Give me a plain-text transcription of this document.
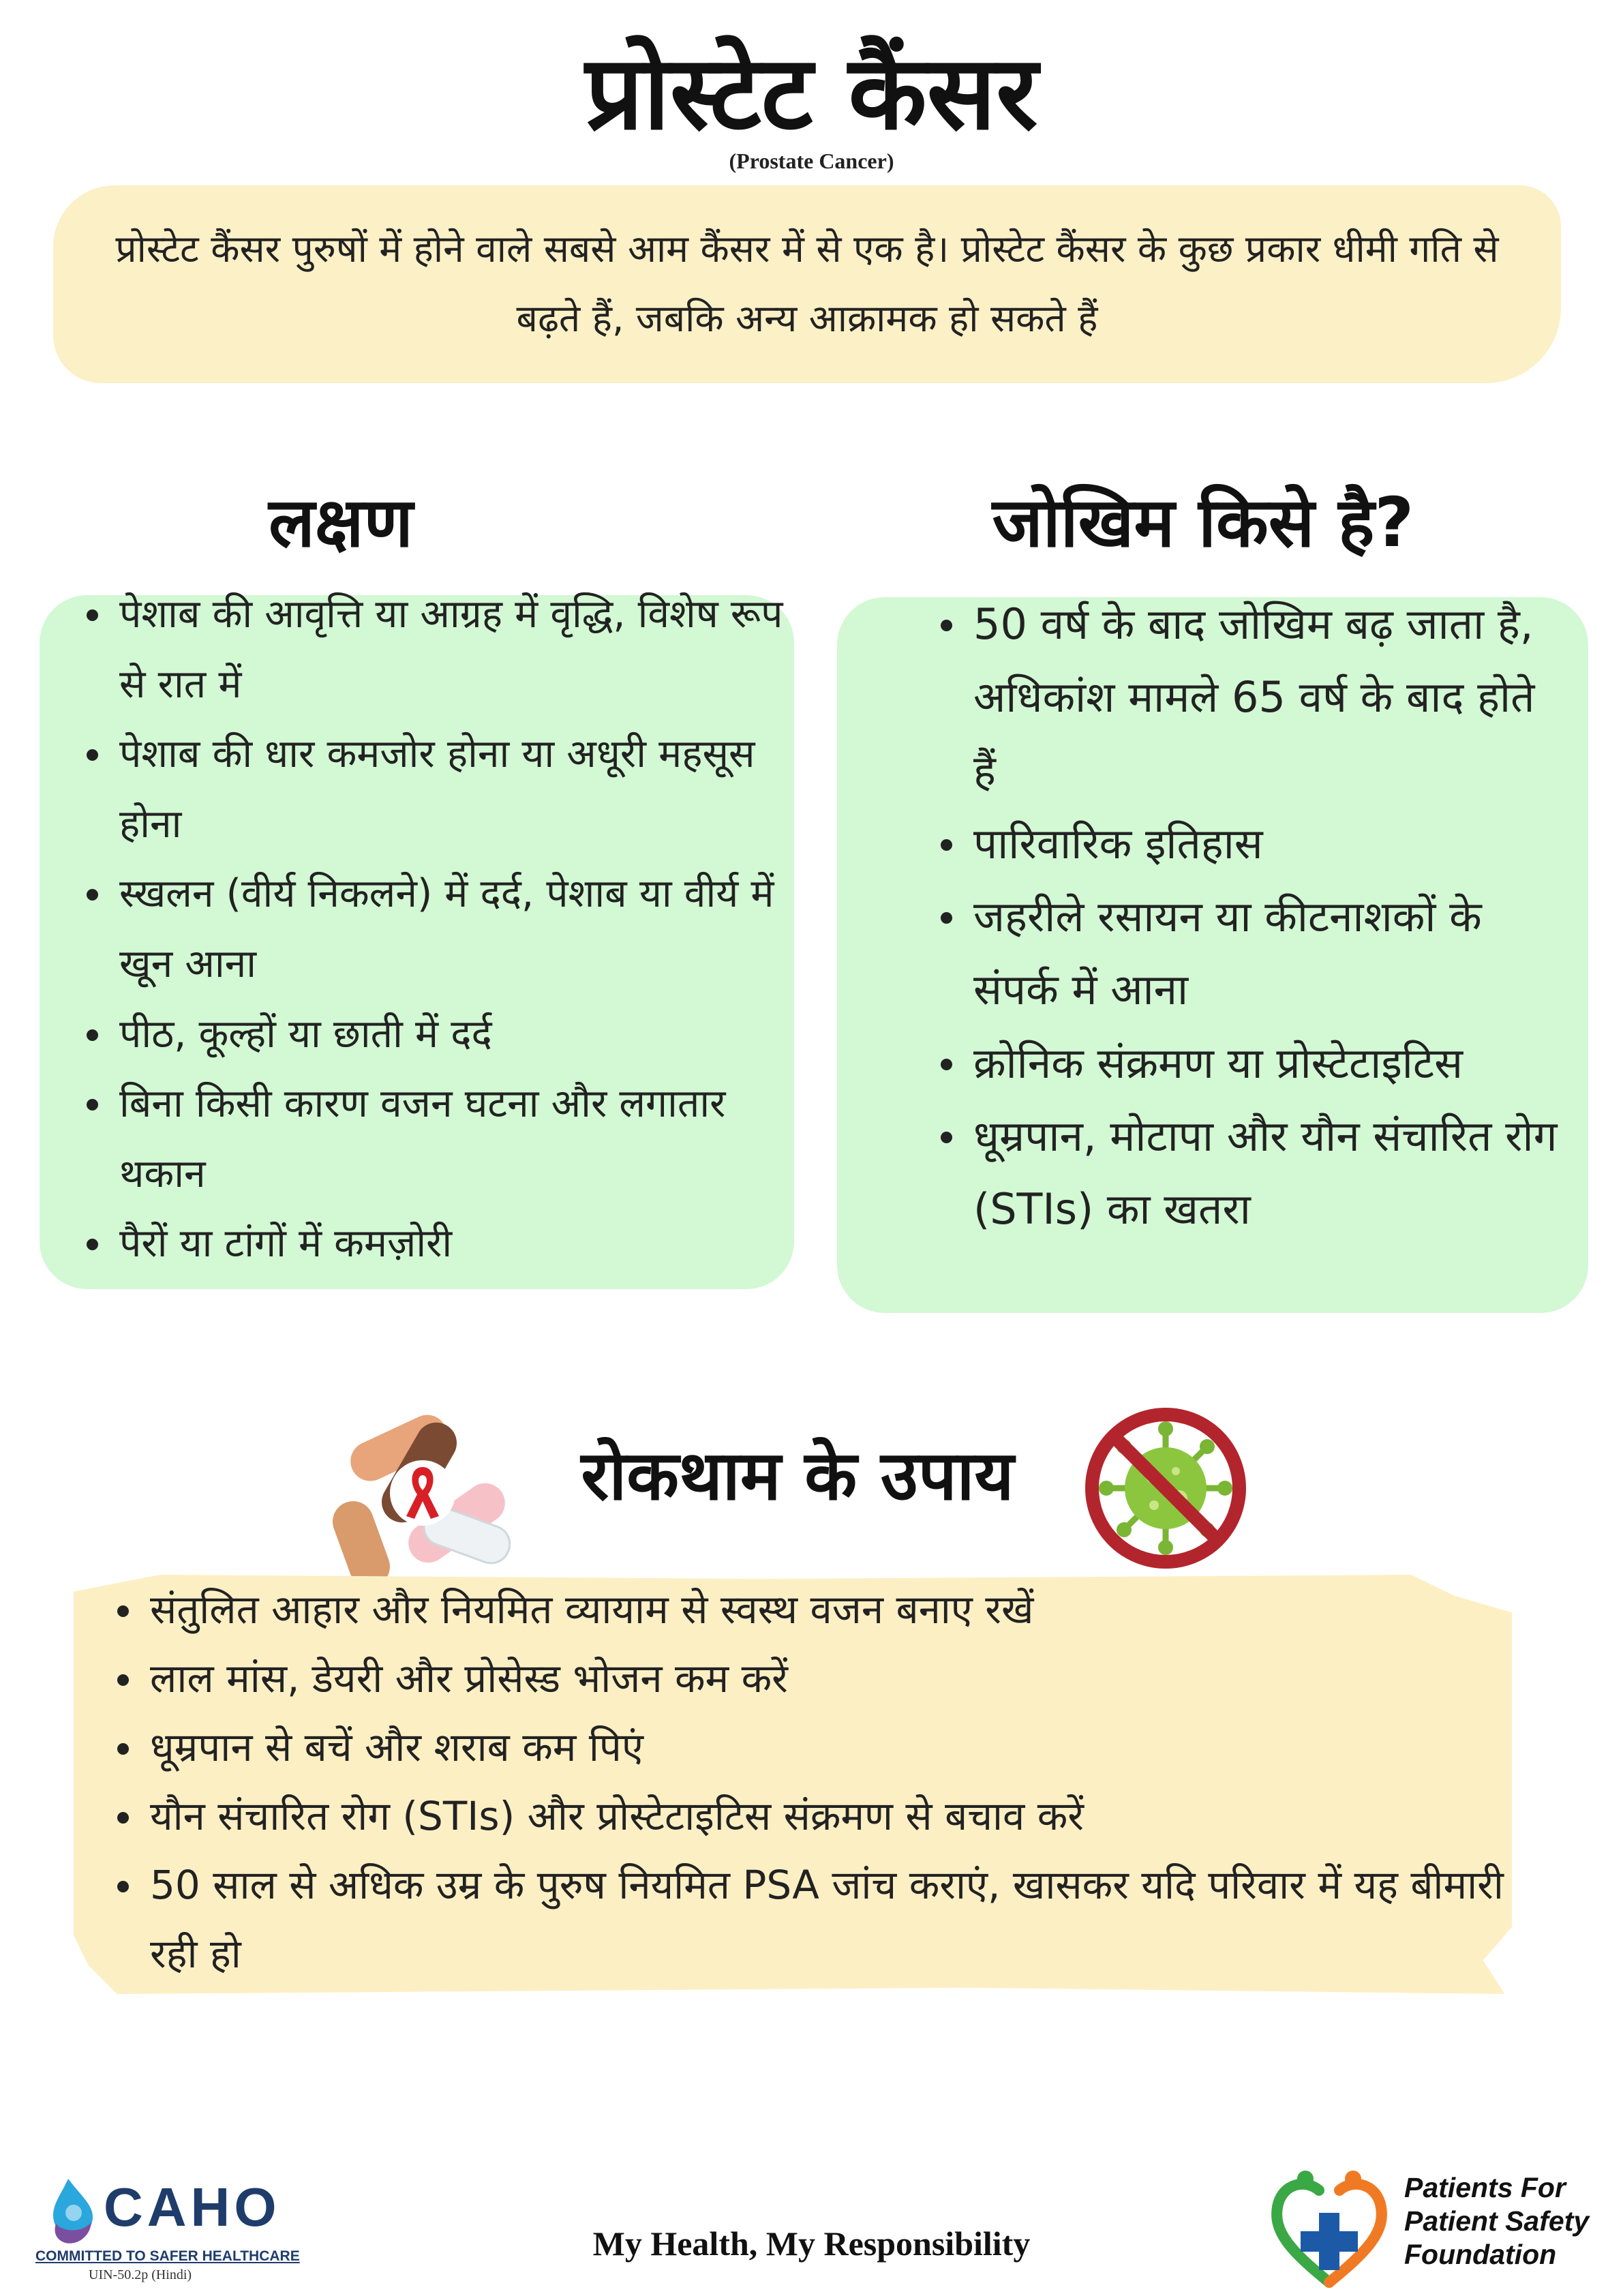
प्रोस्टेट कैंसर
(Prostate Cancer)
प्रोस्टेट कैंसर पुरुषों में होने वाले सबसे आम कैंसर में से एक है। प्रोस्टेट कैंसर के कुछ प्रकार धीमी गति से बढ़ते हैं, जबकि अन्य आक्रामक हो सकते हैं
लक्षण
पेशाब की आवृत्ति या आग्रह में वृद्धि, विशेष रूप से रात में
पेशाब की धार कमजोर होना या अधूरी महसूस होना
स्खलन (वीर्य निकलने) में दर्द, पेशाब या वीर्य में खून आना
पीठ, कूल्हों या छाती में दर्द
बिना किसी कारण वजन घटना और लगातार थकान
पैरों या टांगों में कमज़ोरी
जोखिम किसे है?
50 वर्ष के बाद जोखिम बढ़ जाता है, अधिकांश मामले 65 वर्ष के बाद होते हैं
पारिवारिक इतिहास
जहरीले रसायन या कीटनाशकों के संपर्क में आना
क्रोनिक संक्रमण या प्रोस्टेटाइटिस
धूम्रपान, मोटापा और यौन संचारित रोग (STIs) का खतरा
रोकथाम के उपाय
संतुलित आहार और नियमित व्यायाम से स्वस्थ वजन बनाए रखें
लाल मांस, डेयरी और प्रोसेस्ड भोजन कम करें
धूम्रपान से बचें और शराब कम पिएं
यौन संचारित रोग (STIs) और प्रोस्टेटाइटिस संक्रमण से बचाव करें
50 साल से अधिक उम्र के पुरुष नियमित PSA जांच कराएं, खासकर यदि परिवार में यह बीमारी रही हो
CAHO
COMMITTED TO SAFER HEALTHCARE
UIN-50.2p (Hindi)
My Health, My Responsibility
Patients For
Patient Safety
Foundation
